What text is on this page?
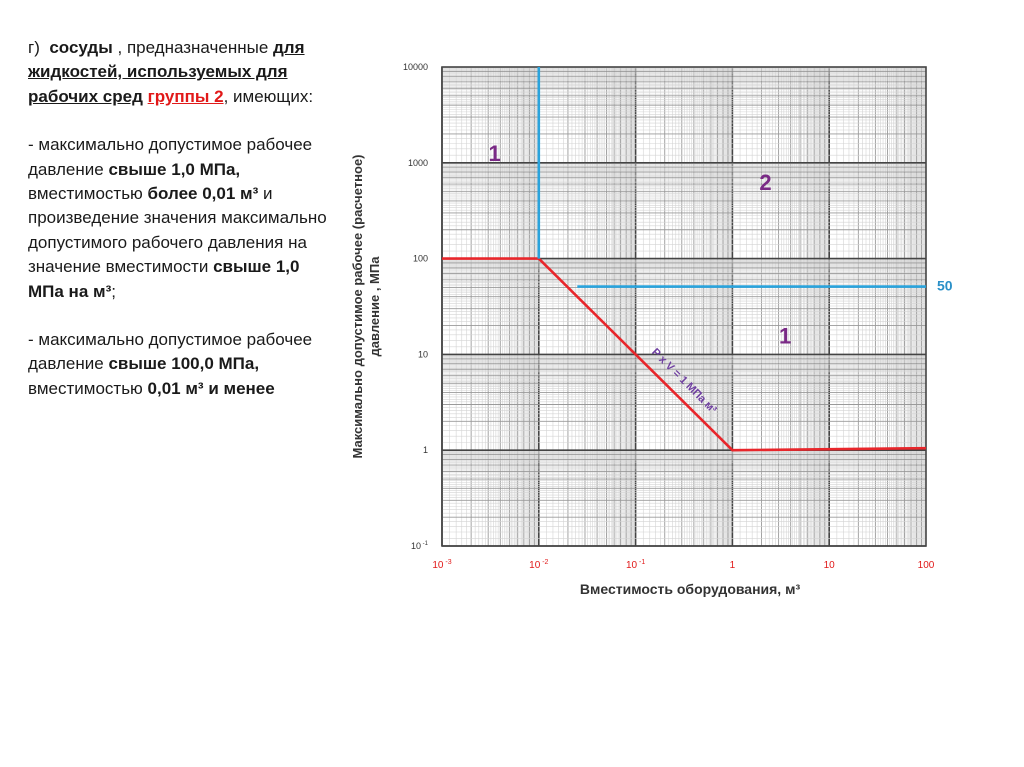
г) сосуды , предназначенные для жидкостей, используемых для рабочих сред группы 2, имеющих:

- максимально допустимое рабочее давление свыше 1,0 МПа, вместимостью более 0,01 м³ и произведение значения максимально допустимого рабочего давления на значение вместимости свыше 1,0 МПа на м³;

- максимально допустимое рабочее давление свыше 100,0 МПа, вместимостью 0,01 м³ и менее

10 $^{-3}$	10 $^{-2}$	10 $^{-1}$	1	10	100
10 $^{-1}$
1
10
100
1000
10000
1
2
1
50
P x V = 1 МПа м³
Вместимость оборудования, м³
Максимально допустимое рабочее (расчетное) давление , МПа
